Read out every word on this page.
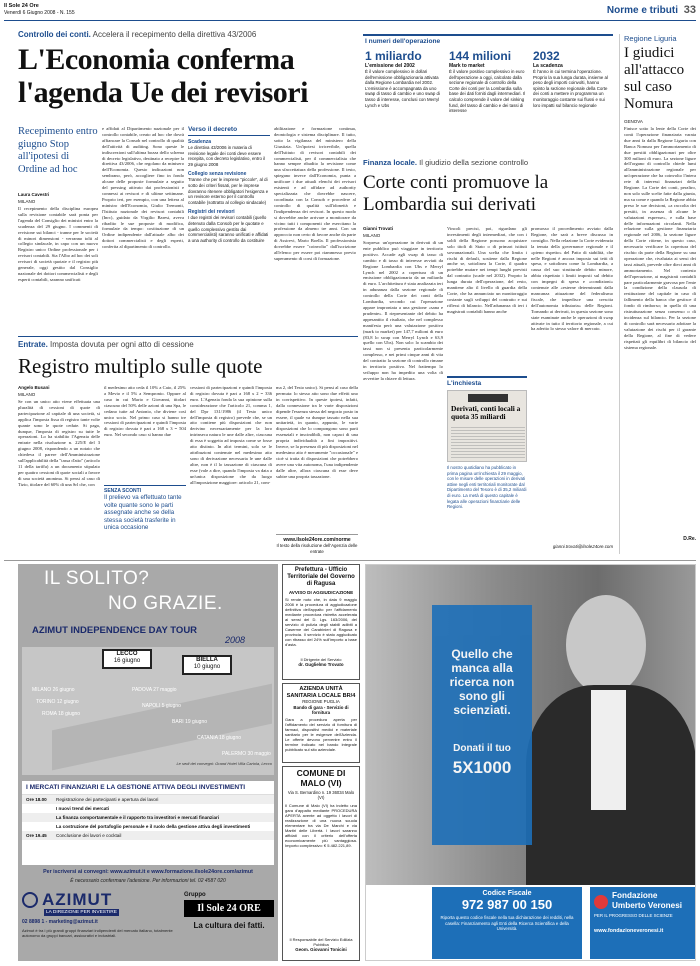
Il Sole 24 Ore
Venerdì 6 Giugno 2008 - N. 155	Norme e tributi 33
Controllo dei conti. Accelera il recepimento della direttiva 43/2006
L'Economia conferma l'agenda Ue dei revisori
Recepimento entro giugno Stop all'ipotesi di Ordine ad hoc
Laura Cavestri
MILANO
Il recepimento della disciplina europea sulla revisione contabile sarà ponta per l'agenda del Consiglio dei ministri entro la scadenza del 29 giugno. I commenti di revisione sui bilanci - tranne per le società di minori dimensioni - verranno tolti al collegio sindacale, in capo con un nuovo Registro unico Ordine professionale per i revisori contabili. Sia l'Albo ad hoc dei soli revisori di società quotate e il registro più generale, oggi gestito dal Consiglio nazionale dei dottori commercialisti e degli esperti contabili, saranno unificati
e affidati al Dipartimento nazionale per il controllo contabile, creato ad hoc che dovrà affiancare la Consob nel controllo di qualità dell'attività di auditing. Sono queste le indiscrezioni sull'ultima bozza dello schema di decreto legislativo, destinato a recepire la direttiva 43/2006, che regolano da minisero dell'Economia. Questo indicazioni non sembrano, però, accogliere fino in fondo alcune delle proposte formulate a seguito del pressing attivato dai professionisti e connessi ai revisori e di ultime settimane. Proprio ieri, per esempio, con una lettera al ministro dell'Economia, Giulio Tremonti, l'Istituto nazionale dei revisori contabili (Inrc), guidato da Virgilio Baresi, aveva ribadito le sue proposte di modifica, formulate da tempo: costituzione di un Ordine indipendente dall'attuale albo dei dottori commercialisti e degli esperti, conferita al dipartimento di controllo.
Verso il decreto
Scadenza
Le direttiva 43/2006 in materia di revisione legale dei conti deve essere recepita, con decreto legislativo, entro il 29 giugno 2008
Collegio senza revisione
Tranne che per le imprese "piccole", al di sotto dei criteri fissati, per le imprese dovranno ritenere obbligatori l'esigenza e un revisore esterno per il controllo contabile (sottratto al collegio sindacale)
Registri dei revisori
I due registri dei revisori contabili (quello detenuto dalla Consob per le quotate e quello complessivo gestito dai commercialisti) saranno unificati e affidati a una authority di controllo da costituire
abilitazione e formazione continua, deontologia e sistema disciplinare. Il tutto, sotto la vigilanza del ministero della Giustizia. Un'ipotesi irricevibile, quella dell'Istituto di revisori contabili dei commercialisti, per il commercialista che hanno sempre ribadito la revisione come una sfaccettatura della professione. Il testo, spiegano invece dall'Economia, punta a unificare i due attuali elenchi dei revisori esistenti e ad affidare ad authority specializzata che dovrebbe nascere, coordinata con la Consob e procedere al controllo di qualità sull'idoneità e l'indipendenza dei revisori. In questo modo si dovrebbe anche arrivare a monitorare da vicino tutti i componenti che esercitano la professione da almeno tre anni. Con un approccio non certo di favore anche da parte di Assirevi, Mario Boella. Il professionista dovrebbe essere "coinvolto" dall'iscrizione all'elenco per essere poi riammesso previo superamento di corsi di formazione.
Entrate. Imposta dovuta per ogni atto di cessione
Registro multiplo sulle quote
Angelo Busani
MILANO
Se con un unico atto viene effettuata una pluralità di cessioni di quote di partecipazione al capitale di una società, si applica l'imposta fissa di registro tante volte quante sono le quote cedute. Si paga, dunque, l'imposta di registro su tutte le operazioni. Lo ha stabilito l'Agenzia delle entrate nella risoluzione n. 225/E del 3 giugno 2008, rispondendo a un notaio che chiedeva il parere dell'Amministrazione sull'applicabilità della "tassa d'atto" (articolo 11 della tariffa) a un documento stipulato per quattro cessioni di quote sociali a favore di una società anonima. Si pensi al caso di Tizio, titolare del 60% di una Srl che, con
il medesimo atto ceda il 10% a Caio, il 25% a Mevio e il 5% a Sempronio. Oppure al caso in cui Mario e Giovanni, titolari ciascuno del 50% delle azioni di una Spa, le cedano tutte ad Antonio, che diviene così unico socio. Nel primo caso si hanno tre cessioni di partecipazioni e quindi l'imposta di registro dovuta è pari a 168 x 3 = 504 euro. Nel secondo caso si hanno due
SENZA SCONTI
Il prelievo va effettuato tante volte quante sono le parti assegnate anche se della stessa società trasferite in unica occasione
cessioni di partecipazioni e quindi l'imposta di registro dovuta è pari a 168 x 2 = 336 euro. L'Agenzia fonda la sua opinione sulla considerazione che l'articolo 21, comma 1, del Dpr 131/1986 (il Testo unico dell'imposta di registro) prevede che, se un atto contiene più disposizioni che non derivino necessariamente per la loro intrinseca natura le une dalle altre, ciascuna di essa è soggetta ad imposta come se fosse atto distinto. In altri termini, solo se le attribuzioni contenute nel medesimo atto sono di derivazione necessaria le une dalle altre, non è il lo tassazione di ciascuna di esse (vale a dire, quando l'imposta va data a un'unica disposizione che da luogo all'imposizione maggiore: articolo 21, com-
ma 2, del Testo unico). Si pensi al caso della permuta: lo stesso atto sono due effetti uno in corrispettivo. In queste ipotesi, infatti, dalla connessione tra le varie disposizioni dipende l'essenza stessa del negozio posto in essere, il quale va dunque tassato nella sua unitarietà, in quanto, appunto, le varie disposizioni che lo compongono sono parti essenziali e inscindibili, non capaci di una propria individualità a fini impositivi. Invece, se la presenza di più disposizioni nel medesimo atto è meramente "occasionale" e cioè si tratta di disposizioni che potrebbero avere una vita autonoma, l'una indipendente dalle altre, allora ciascuna di esse deve subire una propria tassazione.
www.ilsole24ore.com/norme
Il testo della risoluzione dell'Agenzia delle entrate
I numeri dell'operazione
1 miliardo
L'emissione del 2002
È il valore complessivo in dollari dell'emissione obbligazionaria attivata dalla Regione Lombardia nel 2002. L'emissione è accompagnata da uno swap di tasso di cambio e uno swap di tasso di interesse, conclusi con Merryl Lynch e Ubs
144 milioni
Mark to market
È il valore positivo complessivo in euro dell'operazione a oggi, calcolato dalla sezione regionale di controllo della Corte dei conti per la Lombardia sulla base dei dati forniti dagli intermediari. Il calcolo comprende il valore del sinking fund, del tasso di cambio e dei tassi di interesse
2032
La scadenza
È l'anno in cui termina l'operazione. Proprio la sua lunga durata, insieme al peso degli importi coinvolti, hanno spinto la sezione regionale della Corte dei conti a mettere in programma un monitoraggio costante sui flussi e sui loro impatti sul bilancio regionale
Finanza locale. Il giudizio della sezione controllo
Corte conti promuove la Lombardia sui derivati
Gianni Trovati
MILANO
Sorpresa: un'operazione in derivati di un ente pubblico può viaggiare in territorio positivo. Accade agli swap di tasso di cambio e di tasso di interesse avviati da Regione Lombardia con Ubs e Merryl Lynch nel 2002 a copertura di un emissione obbligazionaria da un miliardo di euro. L'architettura è stata analizzata ieri in adunanza dalla sezione regionale di controllo della Corte dei conti della Lombardia, secondo cui l'operazione appare improntata a una gestione «sana e prudente». Il riepresentante del debito ha appesantito il risultato, che nel complesso manifesta però una valutazione positiva (mark to market) per 147,7 milioni di euro (83,8 lo swap con Merryl Lynch e 63,9 quello con Ubs). Non solo: lo scambio dei tassi non si presenta particolarmente complesso, e nei primi cinque anni di vita del contratto la sezione di controllo rimane in territorio positivo. Nel frattempo lo sviluppo non ha impedito una volta di avvertire la chiave di lettura.
Vincoli precisi, poi, rigurdano gli investimenti degli intermediari, che con i soldi della Regione possono acquistare solo titoli di Stato o di primari istituti sovranazionali. Una scelta che limita i rischi di default, sostiene dalla Regione anche se, sottolinea la Corte, il quadro potrebbe mutare nei tempi lunghi previsti dal contratto (scade nel 2032). Proprio la lunga durata dell'operazione, del resto, mantiene alto il livello di guardia della Corte, che ha annunciato un monitoraggio costante sugli sviluppi del contratto e sui riflessi di bilancio. Nell'adunanza di ieri i magistrati contabili hanno anche
L'inchiesta
Derivati, conti locali a quota 35 miliardi
Il nostro quotidiano ha pubblicato in prima pagina un'inchiesta il 29 maggio, con le misure delle operazioni in derivati attive negli enti territoriali monitorate dal Dipartimento del Tesoro è di 35,2 miliardi di euro. La metà di questo capitale è legata alle operazioni finanziarie delle Regioni.
promosso il procedimento avviato dalla Regione, che sarà a breve discusso in consiglio. Nella relazione la Corte evidenzia la tenuta della governance regionale e il «pieno rispetto» del Patto di stabilità, che nelle Regioni è ancora imposto sui tetti di spesa, e sottolinea come la Lombardia, a causa del suo strutturale debito minore, abbia rispettato i limiti imposti sul debito con impegni di spesa e «condizioni» contenute alle «esterne determinanti dalla mancanza attuazione del federalismo fiscale, che impedisce una crescita dell'autonomia tributaria» delle Regioni. Tornando ai derivati, in questa sezione sono state esaminate anche le operazioni di swap attivate in tutto il territorio regionale, a cui ha aderito lo stesso valore di mercato.
gianni.trovati@ilsole24ore.com
Regione Liguria
I giudici all'attacco sul caso Nomura
GENOVA
Finisce sotto la lente della Corte dei conti l'operazione finanziaria varata due anni fa dalla Regione Liguria con Banca Nomura per l'ammortamento di due prestiti obbligazionari per oltre 300 milioni di euro. La sezione ligure dell'organo di controllo chiede lumi all'amministrazione regionale per un'operazione che ha coinvolto l'intera rete di interessi finanziari della Regione. La Corte dei conti, peraltro, non solo sulle scelte fatte dalla giunta, ma su come e quando la Regione abbia preso le sue decisioni, «a raccolta dei prestiti, in assenza di alcune le valutazioni espresse», e sulla base delle informazioni circolanti. Nella relazione sulla gestione finanziaria regionale nel 2006, la sezione ligure della Corte ritiene, in questo caso, necessario verificare la copertura del rischio da parte della Regione su una operazione che, rivalutata ai sensi dei tassi attuali, prevede oltre dieci anni di ammortamento. Nel contesto dell'operazione, ai magistrati contabili pare particolarmente gravosa per l'ente la condizione della clausola di restituzione del capitale in caso di fallimento della banca che gestisce il fondo di rimborso; in quella di una ristrutturazione senza consenso o di incidenza sul bilancio. Per la sezione di controllo sarà necessario adottare la valutazione dei rischi per il garante della Regione, al fine di vedere rispettati gli equilibri di bilancio del sistema regionale.
D.Re.
IL SOLITO?
NO GRAZIE.
AZIMUT INDEPENDENCE DAY TOUR
2008
LECCO
16 giugno	BIELLA
10 giugno
MILANO 26 giugno
TORINO 12 giugno
ROMA 18 giugno
PADOVA 27 maggio
NAPOLI 5 giugno
BARI 19 giugno
CATANIA 18 giugno
PALERMO 30 maggio
Le sedi dei convegni: Grand Hotel Villa Cariola, Lecco
I MERCATI FINANZIARI E LA GESTIONE ATTIVA DEGLI INVESTIMENTI
Ore 18.00	Registrazione dei partecipanti e apertura dei lavori
I nuovi trend dei mercati
La finanza comportamentale e il rapporto tra investitori e mercati finanziari
La costruzione del portafoglio personale e il ruolo della gestione attiva degli investimenti
Ore 19.45	Conclusione dei lavori e cocktail
Per iscriversi ai convegni: www.azimut.it e www.formazione.ilsole24ore.com/azimut
È necessario confermare l'adesione. Per informazioni tel. 02 4587 020
AZIMUT
LA DIREZIONE PER INVESTIRE
02 8898 1 - marketing@azimut.it
Azimut è tra i più grandi gruppi finanziari indipendenti del mercato italiano, totalmente autonomo da gruppi bancari, assicurativi e industriali.
Gruppo
Il Sole 24 ORE
La cultura dei fatti.
Prefettura - Ufficio Territoriale del Governo di Ragusa
AVVISO DI AGGIUDICAZIONE
Si rende noto che, in data 9 maggio 2008 è la procedura di aggiudicazione definitiva dell'appalto per l'affidamento mediante procedura ristretta accelerata ai sensi del D. Lgs. 163/2006, del servizio di pulizia degli stabili adibiti a Caserme dei Carabinieri di Ragusa e provincia. Il servizio è stato aggiudicato con ribasso del 24% sull'importo a base d'asta.
Il Dirigente del Servizio
dr. Guglielmo Trovato
AZIENDA UNITÀ SANITARIA LOCALE BR/4
REGIONE PUGLIA
Bando di gara - Servizio di fornitura
Gara a procedura aperta per l'affidamento del servizio di fornitura di farmaci, dispositivi medici e materiale sanitario per le esigenze dell'Azienda. Le offerte devono pervenire entro il termine indicato nel bando integrale pubblicato sul sito aziendale.
COMUNE DI MALO (VI)
Via S. Bernardino n. 19 36034 Malo (VI)
Il Comune di Malo (VI) ha indetto una gara d'appalto mediante PROCEDURA APERTA avente ad oggetto i lavori di realizzazione di una nuova scuola elementare tra via De Marchi e via Martiri delle Libertà. I lavori saranno affidati con il criterio dell'offerta economicamente più vantaggiosa. Importo complessivo: € 5.482.221,89.
Il Responsabile del Servizio Edilizia Pubblica
Geom. Giovanni Tonicini
Quello che manca alla ricerca non sono gli scienziati.
Donati il tuo
5X1000
Codice Fiscale
972 987 00 150
Riporta questo codice fiscale nella tua dichiarazione dei redditi, nella casella: Finanziamento agli Enti della Ricerca Scientifica e della Università.
Fondazione Umberto Veronesi
PER IL PROGRESSO DELLE SCIENZE
www.fondazioneveronesi.it
